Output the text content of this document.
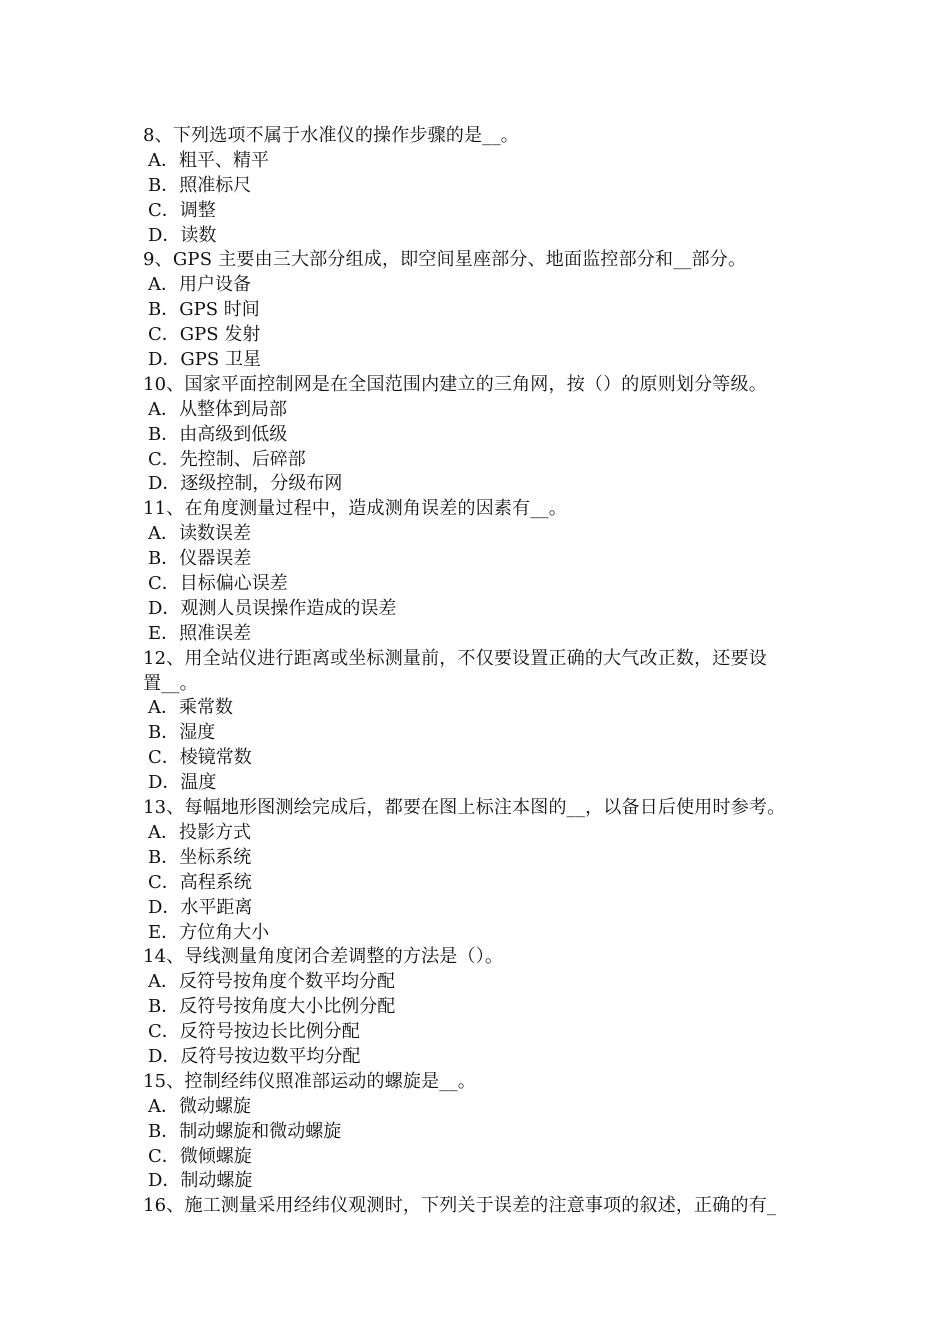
8、下列选项不属于水准仪的操作步骤的是__。
A．粗平、精平
B．照准标尺
C．调整
D．读数
9、GPS 主要由三大部分组成，即空间星座部分、地面监控部分和__部分。
A．用户设备
B．GPS 时间
C．GPS 发射
D．GPS 卫星
10、国家平面控制网是在全国范围内建立的三角网，按（）的原则划分等级。
A．从整体到局部
B．由高级到低级
C．先控制、后碎部
D．逐级控制，分级布网
11、在角度测量过程中，造成测角误差的因素有__。
A．读数误差
B．仪器误差
C．目标偏心误差
D．观测人员误操作造成的误差
E．照准误差
12、用全站仪进行距离或坐标测量前，不仅要设置正确的大气改正数，还要设
置__。
A．乘常数
B．湿度
C．棱镜常数
D．温度
13、每幅地形图测绘完成后，都要在图上标注本图的__，以备日后使用时参考。
A．投影方式
B．坐标系统
C．高程系统
D．水平距离
E．方位角大小
14、导线测量角度闭合差调整的方法是（）。
A．反符号按角度个数平均分配
B．反符号按角度大小比例分配
C．反符号按边长比例分配
D．反符号按边数平均分配
15、控制经纬仪照准部运动的螺旋是__。
A．微动螺旋
B．制动螺旋和微动螺旋
C．微倾螺旋
D．制动螺旋
16、施工测量采用经纬仪观测时，下列关于误差的注意事项的叙述，正确的有_
